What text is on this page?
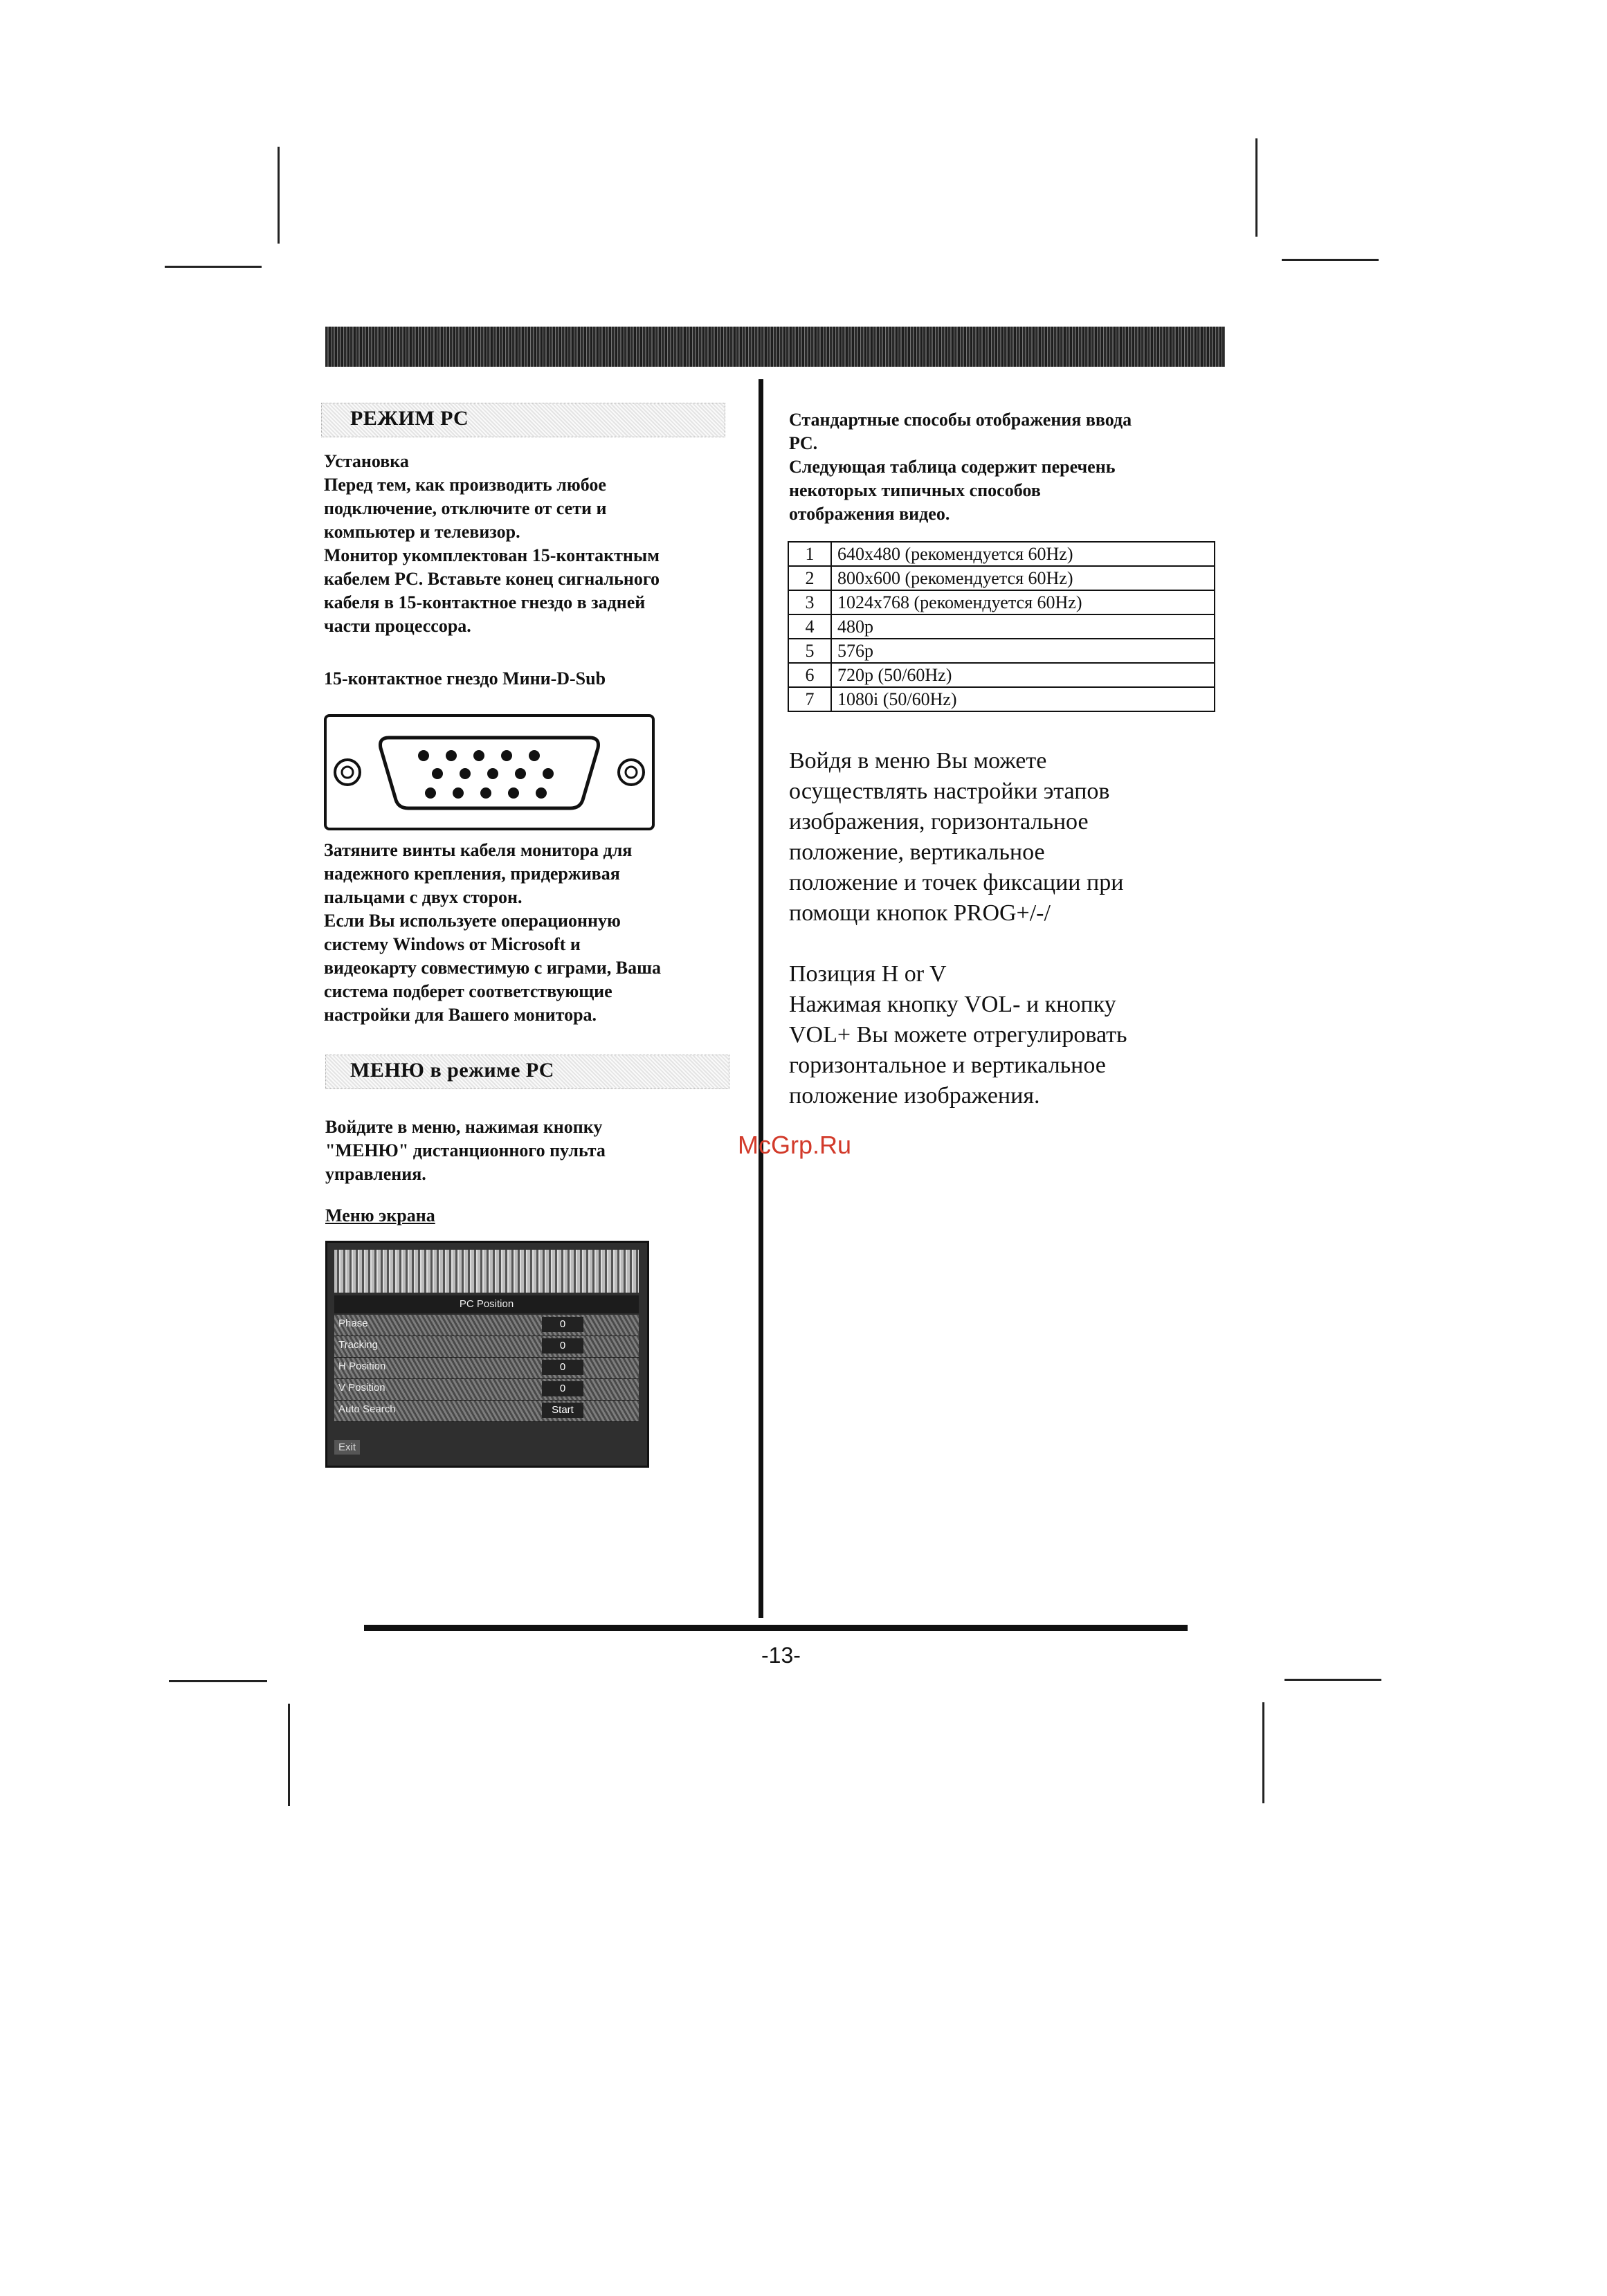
РЕЖИМ PC
Установка

Перед тем, как производить любое

подключение, отключите от сети и

компьютер и телевизор.

Монитор укомплектован 15-контактным

кабелем PC. Вставьте конец сигнального

кабеля в 15-контактное гнездо в задней

части процессора.

15-контактное гнездо Мини-D-Sub

Затяните винты кабеля монитора для

надежного крепления, придерживая

пальцами с двух сторон.

Если Вы используете операционную

систему Windows от Microsoft и

видеокарту совместимую с играми, Ваша

система подберет соответствующие

настройки для Вашего монитора.

МЕНЮ в режиме PC

Войдите в меню, нажимая кнопку

"МЕНЮ" дистанционного пульта

управления.

Меню экрана
PC Position
Phase	0
Tracking	0
H Position	0
V Position	0
Auto Search	Start
Exit

Стандартные способы отображения ввода

PC.

Следующая таблица содержит перечень

некоторых типичных способов

отображения видео.

1	640x480 (рекомендуется 60Hz)
2	800x600 (рекомендуется 60Hz)
3	1024x768 (рекомендуется 60Hz)
4	480p
5	576p
6	720p (50/60Hz)
7	1080i (50/60Hz)

Войдя в меню Вы можете

осуществлять настройки этапов

изображения, горизонтальное

положение, вертикальное

положение и точек фиксации при

помощи кнопок PROG+/-/

Позиция H or V

Нажимая кнопку VOL- и кнопку

VOL+ Вы можете отрегулировать

горизонтальное и вертикальное

положение изображения.

McGrp.Ru
-13-
